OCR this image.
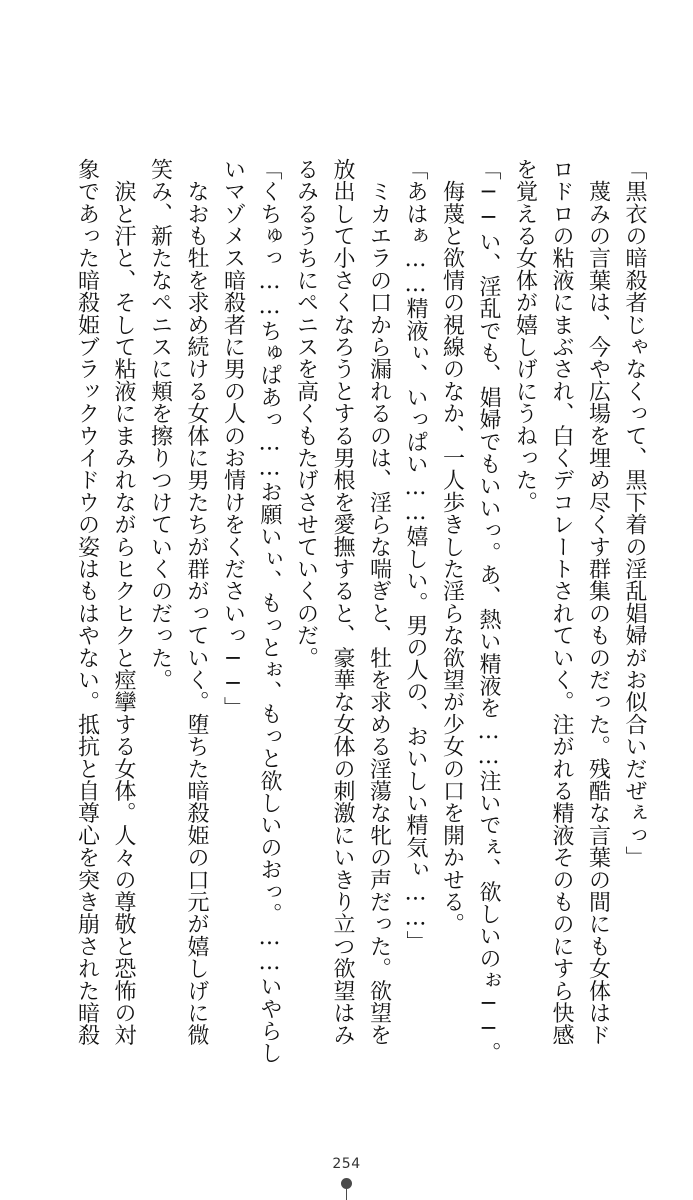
「黒衣の暗殺者じゃなくって、黒下着の淫乱娼婦がお似合いだぜぇっ」
　蔑みの言葉は、今や広場を埋め尽くす群集のものだった。残酷な言葉の間にも女体はド
ロドロの粘液にまぶされ、白くデコレートされていく。注がれる精液そのものにすら快感
を覚える女体が嬉しげにうねった。
「──い、淫乱でも、娼婦でもいいっ。あ、熱い精液を……注いでぇ、欲しいのぉ──。
　侮蔑と欲情の視線のなか、一人歩きした淫らな欲望が少女の口を開かせる。
「あはぁ……精液ぃ、いっぱい……嬉しい。男の人の、おいしい精気ぃ……」
　ミカエラの口から漏れるのは、淫らな喘ぎと、牡を求める淫蕩な牝の声だった。欲望を
放出して小さくなろうとする男根を愛撫すると、豪華な女体の刺激にいきり立つ欲望はみ
るみるうちにペニスを高くもたげさせていくのだ。
「くちゅっ……ちゅぱあっ……お願いぃ、もっとぉ、もっと欲しいのおっ。……いやらし
いマゾメス暗殺者に男の人のお情けをくださいっ──」
　なおも牡を求め続ける女体に男たちが群がっていく。堕ちた暗殺姫の口元が嬉しげに微
笑み、新たなペニスに頬を擦りつけていくのだった。
　涙と汗と、そして粘液にまみれながらヒクヒクと痙攣する女体。人々の尊敬と恐怖の対
象であった暗殺姫ブラックウイドウの姿はもはやない。抵抗と自尊心を突き崩された暗殺
254
